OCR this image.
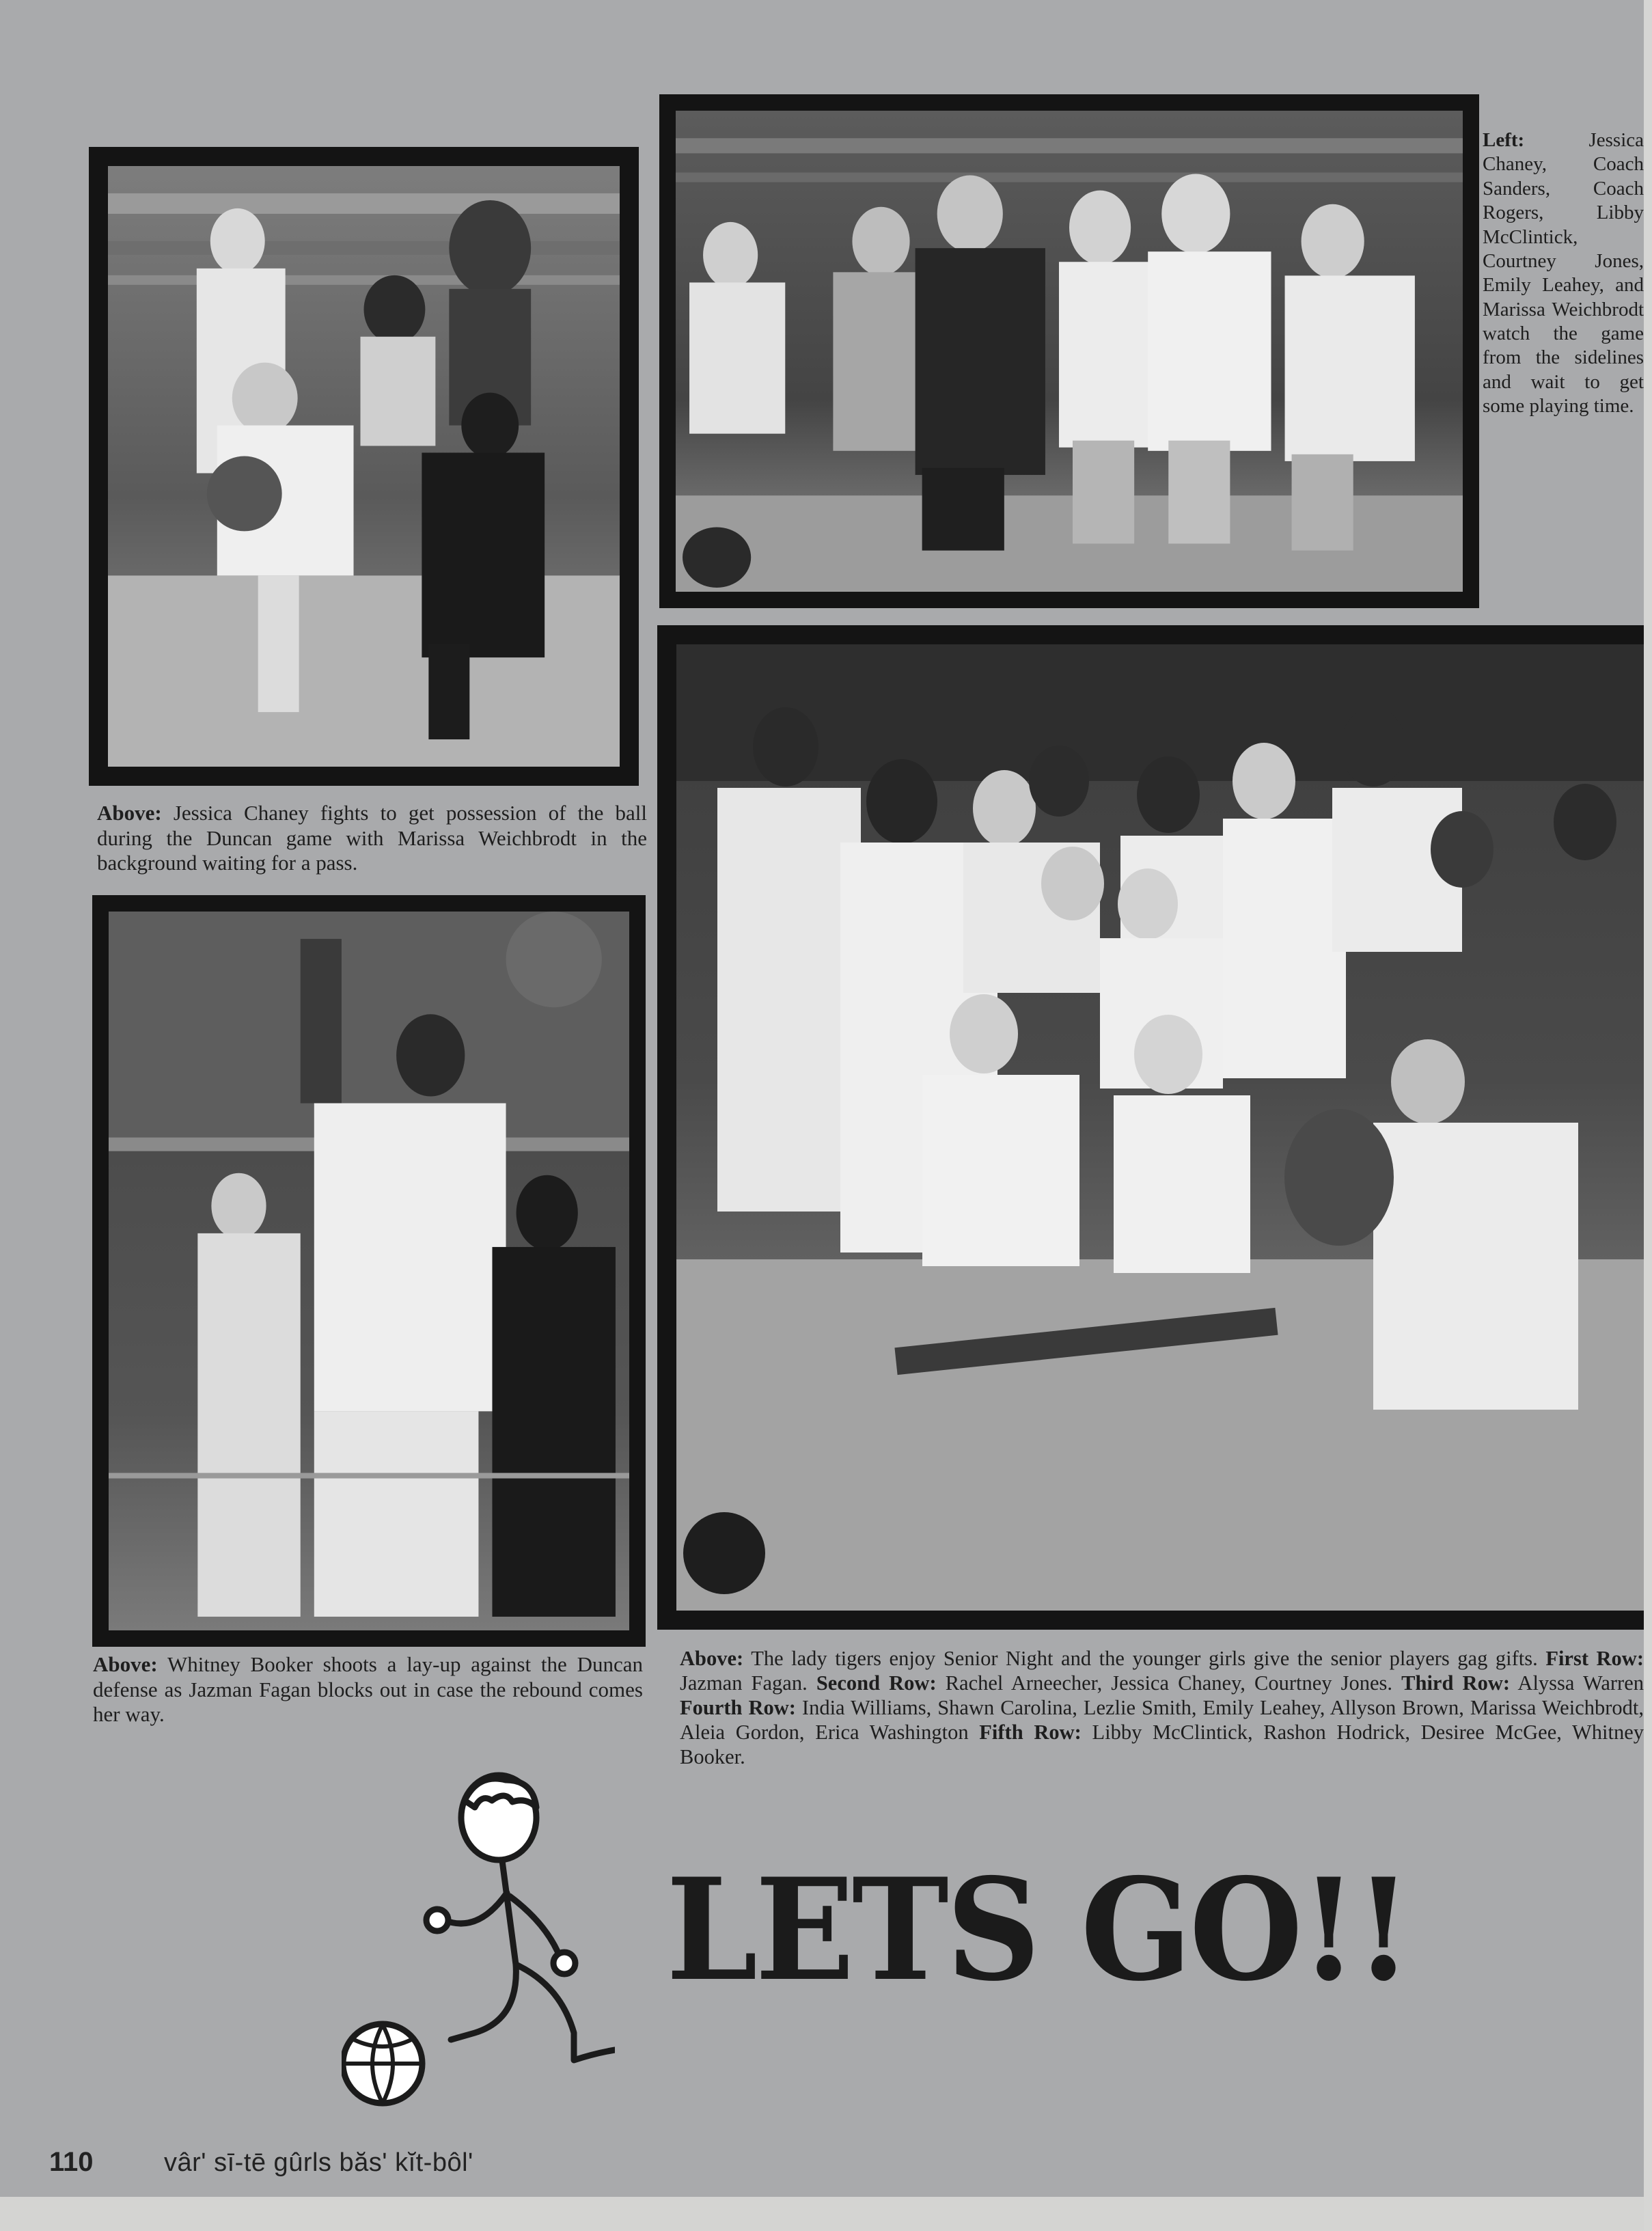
Left: Jessica Chaney, Coach Sanders, Coach Rogers, Libby McClintick, Courtney Jones, Emily Leahey, and Marissa Weichbrodt watch the game from the sidelines and wait to get some playing time.
Above: Jessica Chaney fights to get possession of the ball during the Duncan game with Marissa Weichbrodt in the background waiting for a pass.
Above: Whitney Booker shoots a lay-up against the Duncan defense as Jazman Fagan blocks out in case the rebound comes her way.
Above: The lady tigers enjoy Senior Night and the younger girls give the senior players gag gifts. First Row: Jazman Fagan. Second Row: Rachel Arneecher, Jessica Chaney, Courtney Jones. Third Row: Alyssa Warren Fourth Row: India Williams, Shawn Carolina, Lezlie Smith, Emily Leahey, Allyson Brown, Marissa Weichbrodt, Aleia Gordon, Erica Washington Fifth Row: Libby McClintick, Rashon Hodrick, Desiree McGee, Whitney Booker.
LETS GO!!
110	vâr' sī-tē gûrls băs' kĭt-bôl'
